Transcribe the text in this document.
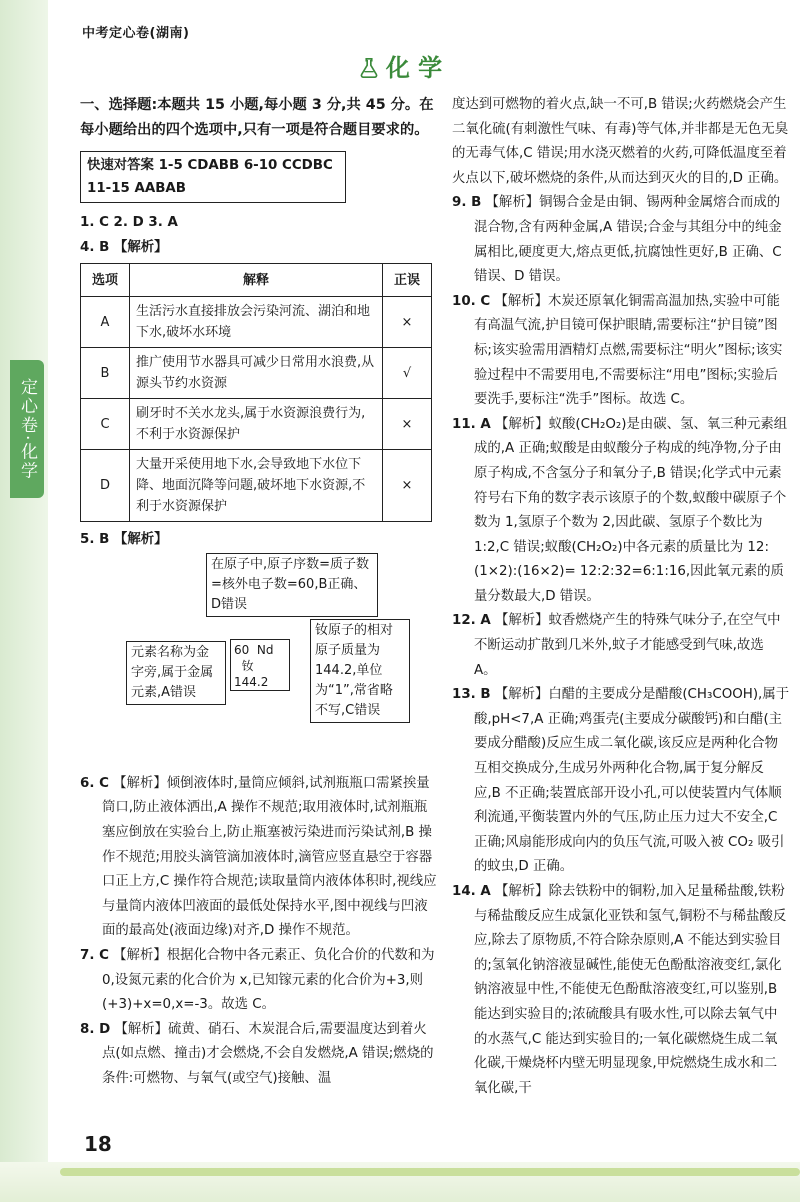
定心卷·化学
中考定心卷(湖南)
化 学

一、选择题:本题共 15 小题,每小题 3 分,共 45 分。在每小题给出的四个选项中,只有一项是符合题目要求的。

快速对答案 1-5 CDABB 6-10 CCDBC
11-15 AABAB

1. C 2. D 3. A

4. B 【解析】

选项	解释	正误
A	生活污水直接排放会污染河流、湖泊和地下水,破坏水环境	×
B	推广使用节水器具可减少日常用水浪费,从源头节约水资源	√
C	刷牙时不关水龙头,属于水资源浪费行为,不利于水资源保护	×
D	大量开采使用地下水,会导致地下水位下降、地面沉降等问题,破坏地下水资源,不利于水资源保护	×

5. B 【解析】

在原子中,原子序数=质子数=核外电子数=60,B正确、D错误
元素名称为金字旁,属于金属元素,A错误
钕原子的相对原子质量为144.2,单位为“1”,常省略不写,C错误
60 Nd
钕
144.2

6. C 【解析】倾倒液体时,量筒应倾斜,试剂瓶瓶口需紧挨量筒口,防止液体洒出,A 操作不规范;取用液体时,试剂瓶瓶塞应倒放在实验台上,防止瓶塞被污染进而污染试剂,B 操作不规范;用胶头滴管滴加液体时,滴管应竖直悬空于容器口正上方,C 操作符合规范;读取量筒内液体体积时,视线应与量筒内液体凹液面的最低处保持水平,图中视线与凹液面的最高处(液面边缘)对齐,D 操作不规范。

7. C 【解析】根据化合物中各元素正、负化合价的代数和为 0,设氮元素的化合价为 x,已知镓元素的化合价为+3,则(+3)+x=0,x=-3。故选 C。

8. D 【解析】硫黄、硝石、木炭混合后,需要温度达到着火点(如点燃、撞击)才会燃烧,不会自发燃烧,A 错误;燃烧的条件:可燃物、与氧气(或空气)接触、温

度达到可燃物的着火点,缺一不可,B 错误;火药燃烧会产生二氧化硫(有刺激性气味、有毒)等气体,并非都是无色无臭的无毒气体,C 错误;用水浇灭燃着的火药,可降低温度至着火点以下,破坏燃烧的条件,从而达到灭火的目的,D 正确。

9. B 【解析】铜锡合金是由铜、锡两种金属熔合而成的混合物,含有两种金属,A 错误;合金与其组分中的纯金属相比,硬度更大,熔点更低,抗腐蚀性更好,B 正确、C 错误、D 错误。

10. C 【解析】木炭还原氧化铜需高温加热,实验中可能有高温气流,护目镜可保护眼睛,需要标注“护目镜”图标;该实验需用酒精灯点燃,需要标注“明火”图标;该实验过程中不需要用电,不需要标注“用电”图标;实验后要洗手,要标注“洗手”图标。故选 C。

11. A 【解析】蚁酸(CH₂O₂)是由碳、氢、氧三种元素组成的,A 正确;蚁酸是由蚁酸分子构成的纯净物,分子由原子构成,不含氢分子和氧分子,B 错误;化学式中元素符号右下角的数字表示该原子的个数,蚁酸中碳原子个数为 1,氢原子个数为 2,因此碳、氢原子个数比为 1:2,C 错误;蚁酸(CH₂O₂)中各元素的质量比为 12:(1×2):(16×2)= 12:2:32=6:1:16,因此氧元素的质量分数最大,D 错误。

12. A 【解析】蚊香燃烧产生的特殊气味分子,在空气中不断运动扩散到几米外,蚊子才能感受到气味,故选 A。

13. B 【解析】白醋的主要成分是醋酸(CH₃COOH),属于酸,pH<7,A 正确;鸡蛋壳(主要成分碳酸钙)和白醋(主要成分醋酸)反应生成二氧化碳,该反应是两种化合物互相交换成分,生成另外两种化合物,属于复分解反应,B 不正确;装置底部开设小孔,可以使装置内气体顺利流通,平衡装置内外的气压,防止压力过大不安全,C 正确;风扇能形成向内的负压气流,可吸入被 CO₂ 吸引的蚊虫,D 正确。

14. A 【解析】除去铁粉中的铜粉,加入足量稀盐酸,铁粉与稀盐酸反应生成氯化亚铁和氢气,铜粉不与稀盐酸反应,除去了原物质,不符合除杂原则,A 不能达到实验目的;氢氧化钠溶液显碱性,能使无色酚酞溶液变红,氯化钠溶液显中性,不能使无色酚酞溶液变红,可以鉴别,B 能达到实验目的;浓硫酸具有吸水性,可以除去氧气中的水蒸气,C 能达到实验目的;一氧化碳燃烧生成二氧化碳,干燥烧杯内壁无明显现象,甲烷燃烧生成水和二氧化碳,干

18
